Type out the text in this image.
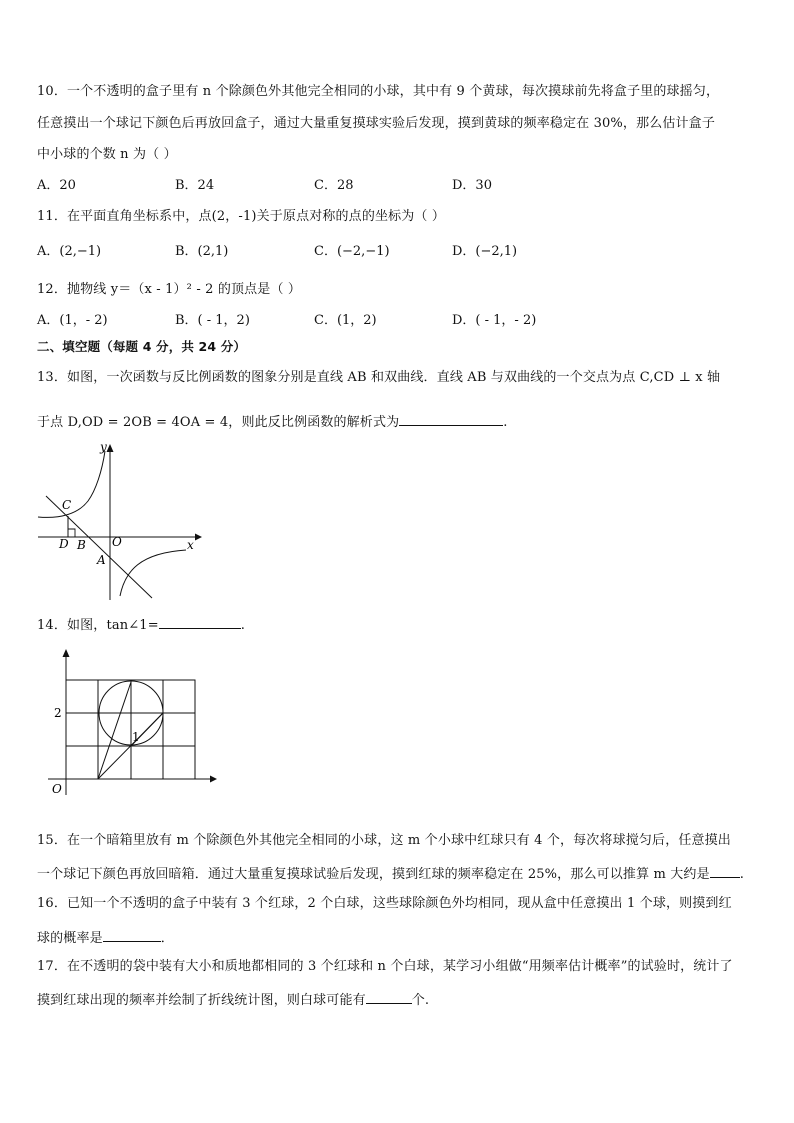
10．一个不透明的盒子里有 n 个除颜色外其他完全相同的小球，其中有 9 个黄球，每次摸球前先将盒子里的球摇匀，
任意摸出一个球记下颜色后再放回盒子，通过大量重复摸球实验后发现，摸到黄球的频率稳定在 30%，那么估计盒子
中小球的个数 n 为（ ）
A．20	B．24	C．28	D．30
11．在平面直角坐标系中，点(2，-1)关于原点对称的点的坐标为（ ）
A．(2,−1)	B．(2,1)	C．(−2,−1)	D．(−2,1)
12．抛物线 y＝（x - 1）² - 2 的顶点是（ ）
A．(1，- 2)	B．( - 1，2)	C．(1，2)	D．( - 1，- 2)
二、填空题（每题 4 分，共 24 分）
13．如图，一次函数与反比例函数的图象分别是直线 AB 和双曲线．直线 AB 与双曲线的一个交点为点 C,CD ⊥ x 轴
于点 D,OD = 2OB = 4OA = 4，则此反比例函数的解析式为	.
y
x
C
D B O
A
14．如图，tan∠1=	.
2
1
O
15．在一个暗箱里放有 m 个除颜色外其他完全相同的小球，这 m 个小球中红球只有 4 个，每次将球搅匀后，任意摸出
一个球记下颜色再放回暗箱．通过大量重复摸球试验后发现，摸到红球的频率稳定在 25%，那么可以推算 m 大约是 .
16．已知一个不透明的盒子中装有 3 个红球，2 个白球，这些球除颜色外均相同，现从盒中任意摸出 1 个球，则摸到红
球的概率是	．
17．在不透明的袋中装有大小和质地都相同的 3 个红球和 n 个白球，某学习小组做“用频率估计概率”的试验时，统计了
摸到红球出现的频率并绘制了折线统计图，则白球可能有	个.
